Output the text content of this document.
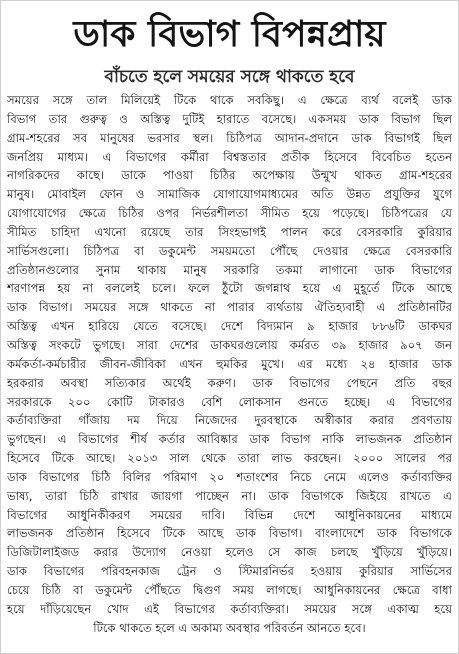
ডাক বিভাগ বিপন্নপ্রায়
বাঁচতে হলে সময়ের সঙ্গে থাকতে হবে
সময়ের সঙ্গে তাল মিলিয়েই টিকে থাকে সবকিছু। এ ক্ষেত্রে ব্যর্থ বলেই ডাক
বিভাগ তার গুরুত্ব ও অস্তিত্ব দুটিই হারাতে বসেছে। একসময় ডাক বিভাগ ছিল
গ্রাম-শহরের সব মানুষের ভরসার স্থল। চিঠিপত্র আদান-প্রদানে ডাক বিভাগই ছিল
জনপ্রিয় মাধ্যম। এ বিভাগের কর্মীরা বিশ্বস্ততার প্রতীক হিসেবে বিবেচিত হতেন
নাগরিকদের কাছে। ডাকে পাওয়া চিঠির অপেক্ষায় উন্মুখ থাকত গ্রাম-শহরের
মানুষ। মোবাইল ফোন ও সামাজিক যোগাযোগমাধ্যমের অতি উন্নত প্রযুক্তির যুগে
যোগাযোগের ক্ষেত্রে চিঠির ওপর নির্ভরশীলতা সীমিত হয়ে পড়েছে। চিঠিপত্রের যে
সীমিত চাহিদা এখনো রয়েছে তার সিংহভাগই পালন করে বেসরকারি কুরিয়ার
সার্ভিসগুলো। চিঠিপত্র বা ডকুমেন্ট সময়মতো পৌঁছে দেওয়ার ক্ষেত্রে বেসরকারি
প্রতিষ্ঠানগুলোর সুনাম থাকায় মানুষ সরকারি তকমা লাগানো ডাক বিভাগের
শরণাপন্ন হয় না বললেই চলে। ফলে ঠুঁটো জগন্নাথ হয়ে এ মুহূর্তে টিকে আছে
ডাক বিভাগ। সময়ের সঙ্গে থাকতে না পারার ব্যর্থতায় ঐতিহ্যবাহী এ প্রতিষ্ঠানটির
অস্তিত্ব এখন হারিয়ে যেতে বসেছে। দেশে বিদ্যমান ৯ হাজার ৮৮৬টি ডাকঘর
অস্তিত্ব সংকটে ভুগছে। সারা দেশের ডাকঘরগুলোয় কর্মরত ৩৯ হাজার ৯০৭ জন
কর্মকর্তা-কর্মচারীর জীবন-জীবিকা এখন হুমকির মুখে। এর মধ্যে ২৪ হাজার ডাক
হরকরার অবস্থা সত্যিকার অর্থেই করুণ। ডাক বিভাগের পেছনে প্রতি বছর
সরকারকে ২০০ কোটি টাকারও বেশি লোকসান গুনতে হচ্ছে। এ বিভাগের
কর্তাব্যক্তিরা গাঁজায় দম দিয়ে নিজেদের দুরবস্থাকে অস্বীকার করার প্রবণতায়
ভুগছেন। এ বিভাগের শীর্ষ কর্তার আবিষ্কার ডাক বিভাগ নাকি লাভজনক প্রতিষ্ঠান
হিসেবে টিকে আছে। ২০১৩ সাল থেকে তারা লাভ করছেন। ২০০০ সালের পর
ডাক বিভাগের চিঠি বিলির পরিমাণ ২০ শতাংশের নিচে নেমে এলেও কর্তাব্যক্তির
ভাষ্য, তারা চিঠি রাখার জায়গা পাচ্ছেন না। ডাক বিভাগকে জিইয়ে রাখতে এ
বিভাগের আধুনিকীকরণ সময়ের দাবি। বিভিন্ন দেশে আধুনিকায়নের মাধ্যমে
লাভজনক প্রতিষ্ঠান হিসেবে টিকে আছে ডাক বিভাগ। বাংলাদেশে ডাক বিভাগকে
ডিজিটালাইজড করার উদ্যোগ নেওয়া হলেও সে কাজ চলছে খুঁড়িয়ে খুঁড়িয়ে।
ডাক বিভাগের পরিবহনকাজ ট্রেন ও স্টিমারনির্ভর হওয়ায় কুরিয়ার সার্ভিসের
চেয়ে চিঠি বা ডকুমেন্ট পৌঁছতে দ্বিগুণ সময় লাগছে। আধুনিকায়নের ক্ষেত্রে বাধা
হয়ে দাঁড়িয়েছেন খোদ এই বিভাগের কর্তাব্যক্তিরা। সময়ের সঙ্গে একাত্ম হয়ে
টিকে থাকতে হলে এ অকাম্য অবস্থার পরিবর্তন আনতে হবে।
